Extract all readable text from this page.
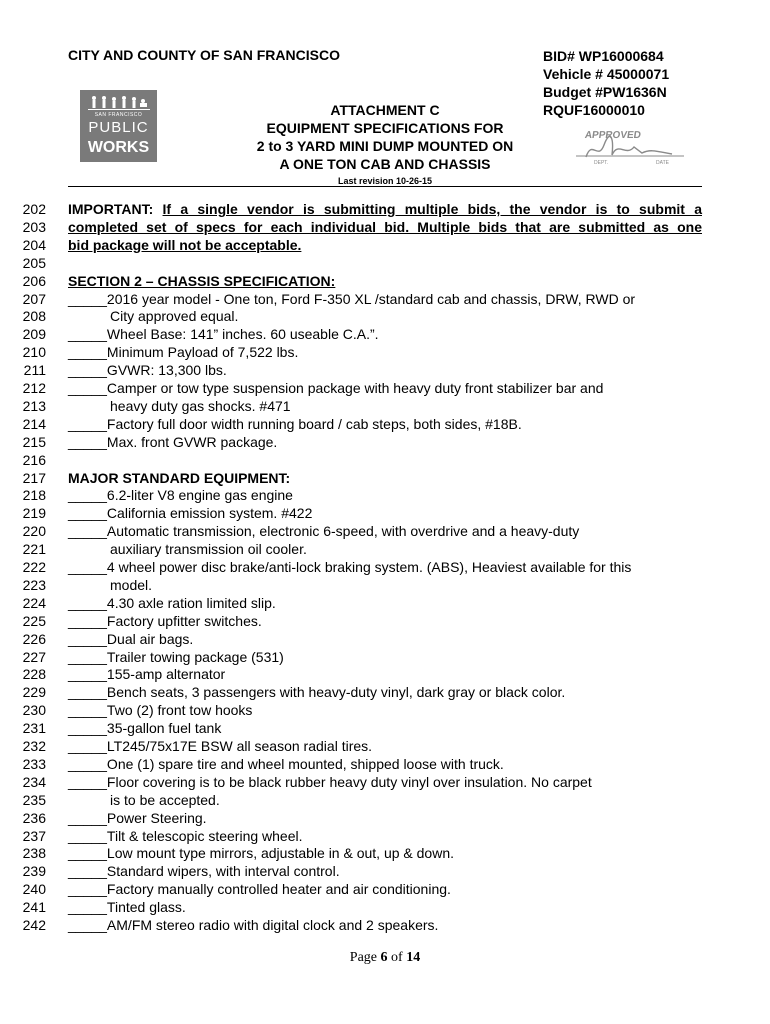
CITY AND COUNTY OF SAN FRANCISCO	BID# WP16000684
Vehicle # 45000071
Budget #PW1636N
RQUF16000010
SAN FRANCISCO
PUBLIC
WORKS
ATTACHMENT C
EQUIPMENT SPECIFICATIONS FOR
2 to 3 YARD MINI DUMP MOUNTED ON
A ONE TON CAB AND CHASSIS
Last revision 10-26-15
APPROVED
DEPT.	DATE
202 IMPORTANT: If a single vendor is submitting multiple bids, the vendor is to submit a
203 completed set of specs for each individual bid. Multiple bids that are submitted as one
204 bid package will not be acceptable.
205
206 SECTION 2 – CHASSIS SPECIFICATION:
207 _____2016 year model - One ton, Ford F-350 XL /standard cab and chassis, DRW, RWD or
208	City approved equal.
209 _____Wheel Base: 141” inches. 60 useable C.A.”.
210 _____Minimum Payload of 7,522 lbs.
211 _____GVWR: 13,300 lbs.
212 _____Camper or tow type suspension package with heavy duty front stabilizer bar and
213	heavy duty gas shocks. #471
214 _____Factory full door width running board / cab steps, both sides, #18B.
215 _____Max. front GVWR package.
216
217 MAJOR STANDARD EQUIPMENT:
218 _____6.2-liter V8 engine gas engine
219 _____California emission system. #422
220 _____Automatic transmission, electronic 6-speed, with overdrive and a heavy-duty
221	auxiliary transmission oil cooler.
222 _____4 wheel power disc brake/anti-lock braking system. (ABS), Heaviest available for this
223	model.
224 _____4.30 axle ration limited slip.
225 _____Factory upfitter switches.
226 _____Dual air bags.
227 _____Trailer towing package (531)
228 _____155-amp alternator
229 _____Bench seats, 3 passengers with heavy-duty vinyl, dark gray or black color.
230 _____Two (2) front tow hooks
231 _____35-gallon fuel tank
232 _____LT245/75x17E BSW all season radial tires.
233 _____One (1) spare tire and wheel mounted, shipped loose with truck.
234 _____Floor covering is to be black rubber heavy duty vinyl over insulation. No carpet
235	is to be accepted.
236 _____Power Steering.
237 _____Tilt & telescopic steering wheel.
238 _____Low mount type mirrors, adjustable in & out, up & down.
239 _____Standard wipers, with interval control.
240 _____Factory manually controlled heater and air conditioning.
241 _____Tinted glass.
242 _____AM/FM stereo radio with digital clock and 2 speakers.
Page 6 of 14
